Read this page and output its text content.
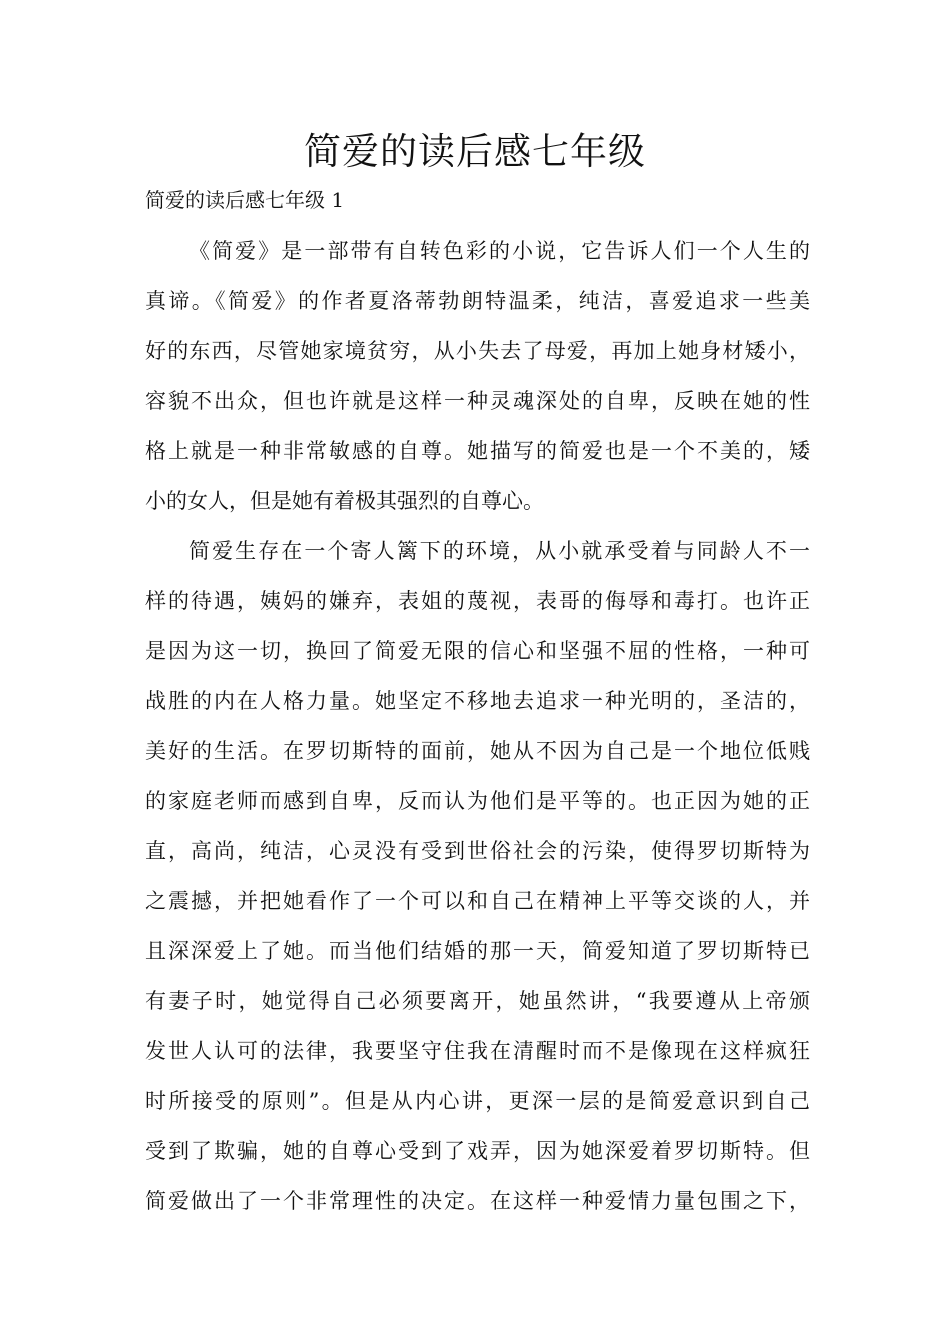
简爱的读后感七年级

简爱的读后感七年级 1

《简爱》是一部带有自转色彩的小说，它告诉人们一个人生的
真谛。《简爱》的作者夏洛蒂勃朗特温柔，纯洁，喜爱追求一些美
好的东西，尽管她家境贫穷，从小失去了母爱，再加上她身材矮小，
容貌不出众，但也许就是这样一种灵魂深处的自卑，反映在她的性
格上就是一种非常敏感的自尊。她描写的简爱也是一个不美的，矮
小的女人，但是她有着极其强烈的自尊心。
简爱生存在一个寄人篱下的环境，从小就承受着与同龄人不一
样的待遇，姨妈的嫌弃，表姐的蔑视，表哥的侮辱和毒打。也许正
是因为这一切，换回了简爱无限的信心和坚强不屈的性格，一种可
战胜的内在人格力量。她坚定不移地去追求一种光明的，圣洁的，
美好的生活。在罗切斯特的面前，她从不因为自己是一个地位低贱
的家庭老师而感到自卑，反而认为他们是平等的。也正因为她的正
直，高尚，纯洁，心灵没有受到世俗社会的污染，使得罗切斯特为
之震撼，并把她看作了一个可以和自己在精神上平等交谈的人，并
且深深爱上了她。而当他们结婚的那一天，简爱知道了罗切斯特已
有妻子时，她觉得自己必须要离开，她虽然讲，“我要遵从上帝颁
发世人认可的法律，我要坚守住我在清醒时而不是像现在这样疯狂
时所接受的原则”。但是从内心讲，更深一层的是简爱意识到自己
受到了欺骗，她的自尊心受到了戏弄，因为她深爱着罗切斯特。但
简爱做出了一个非常理性的决定。在这样一种爱情力量包围之下，
